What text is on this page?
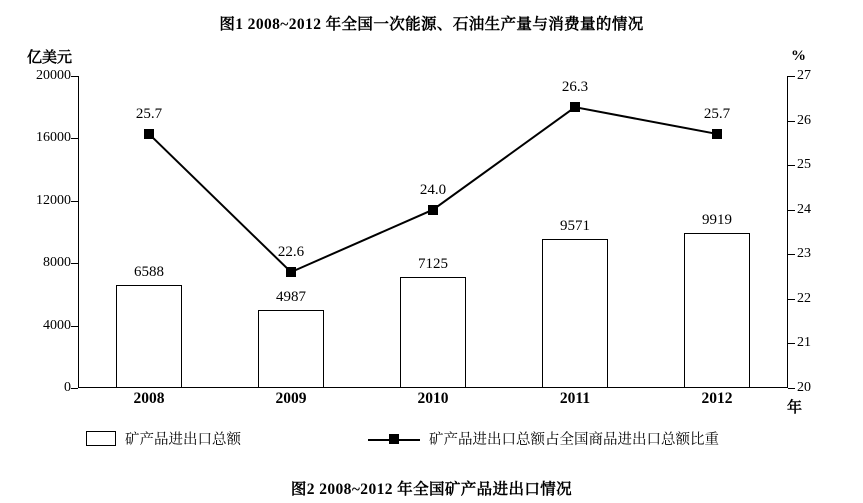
图1 2008~2012 年全国一次能源、石油生产量与消费量的情况
亿美元	%
年
0
4000
8000
12000
16000
20000
20
21
22
23
24
25
26
27
6588
4987
7125
9571	9919
25.7
22.6
24.0
26.3
25.7
2008	2009	2010	2011	2012
矿产品进出口总额	矿产品进出口总额占全国商品进出口总额比重
图2 2008~2012 年全国矿产品进出口情况
